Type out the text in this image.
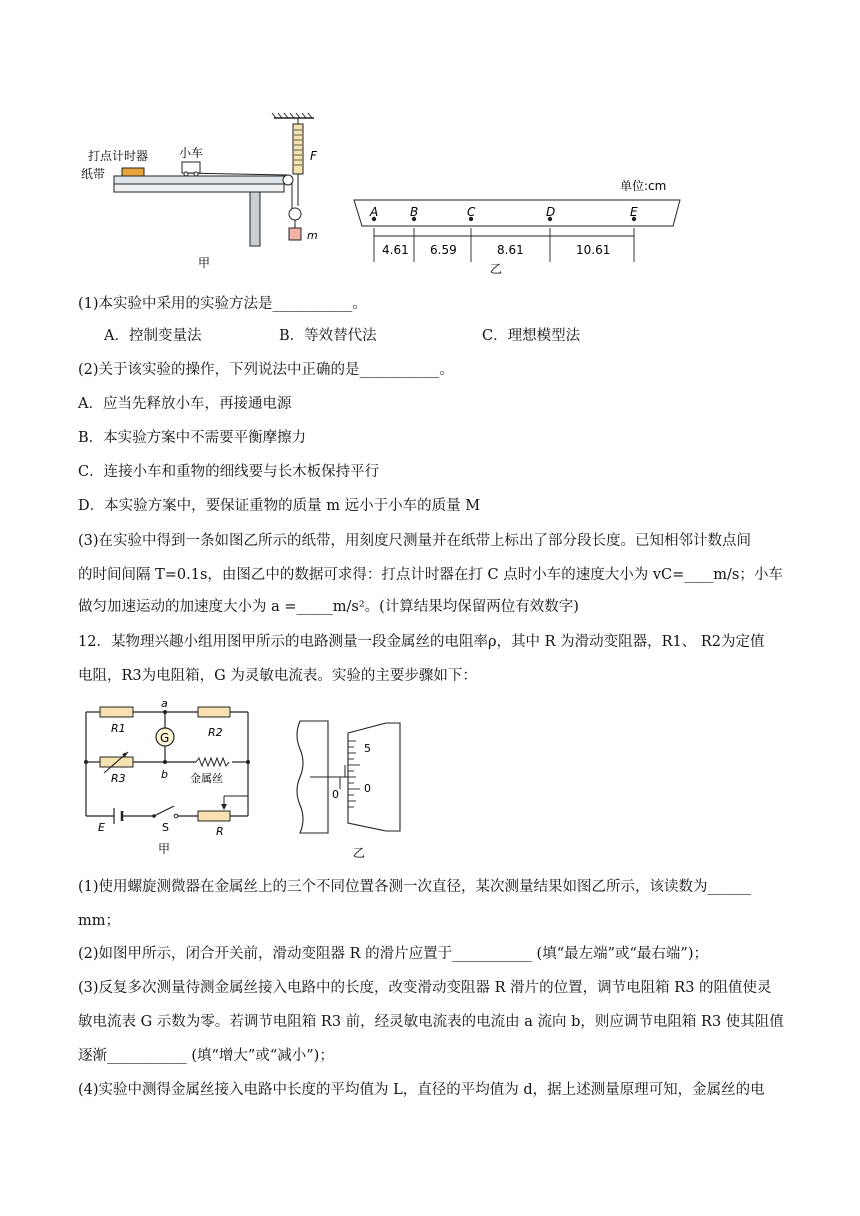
F
m
打点计时器	小车
纸带
甲
单位:cm
A	B	C	D	E
4.61 6.59	8.61	10.61
乙
(1)本实验中采用的实验方法是___________。
A．控制变量法	B．等效替代法	C．理想模型法
(2)关于该实验的操作，下列说法中正确的是___________。
A．应当先释放小车，再接通电源
B．本实验方案中不需要平衡摩擦力
C．连接小车和重物的细线要与长木板保持平行
D．本实验方案中，要保证重物的质量 m 远小于小车的质量 M
(3)在实验中得到一条如图乙所示的纸带，用刻度尺测量并在纸带上标出了部分段长度。已知相邻计数点间
的时间间隔 T=0.1s，由图乙中的数据可求得：打点计时器在打 C 点时小车的速度大小为 vC=____m/s；小车
做匀加速运动的加速度大小为 a =_____m/s²。(计算结果均保留两位有效数字)
12．某物理兴趣小组用图甲所示的电路测量一段金属丝的电阻率ρ，其中 R 为滑动变阻器，R1、 R2为定值
电阻，R3为电阻箱，G 为灵敏电流表。实验的主要步骤如下：
G
a
b
R1	R2
R3	金属丝
E	S	R
甲
0
5
0
乙
(1)使用螺旋测微器在金属丝上的三个不同位置各测一次直径，某次测量结果如图乙所示，该读数为______
mm；
(2)如图甲所示，闭合开关前，滑动变阻器 R 的滑片应置于___________ (填“最左端”或“最右端”)；
(3)反复多次测量待测金属丝接入电路中的长度，改变滑动变阻器 R 滑片的位置，调节电阻箱 R3 的阻值使灵
敏电流表 G 示数为零。若调节电阻箱 R3 前，经灵敏电流表的电流由 a 流向 b，则应调节电阻箱 R3 使其阻值
逐渐___________ (填“增大”或“减小”)；
(4)实验中测得金属丝接入电路中长度的平均值为 L，直径的平均值为 d，据上述测量原理可知，金属丝的电
